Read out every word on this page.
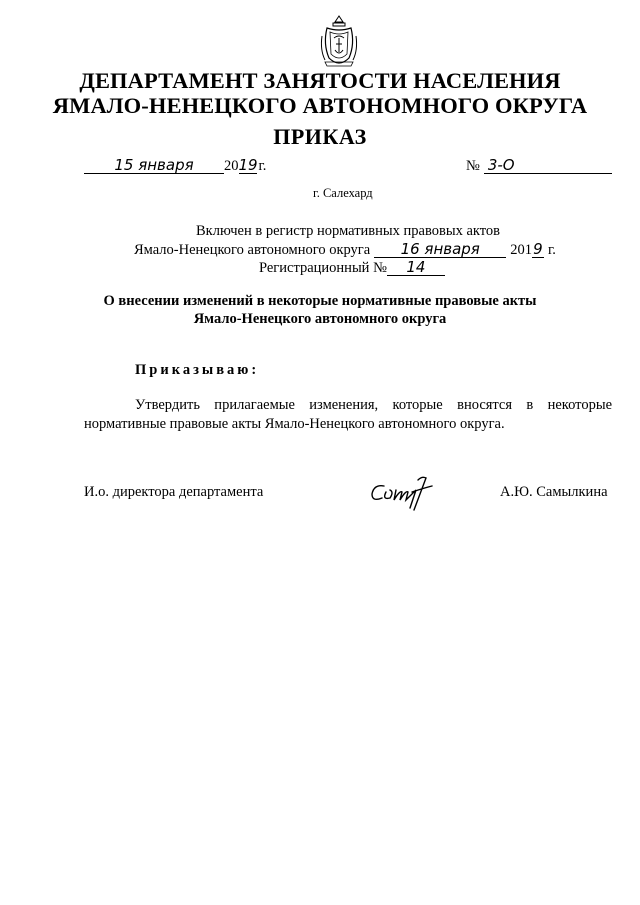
ДЕПАРТАМЕНТ ЗАНЯТОСТИ НАСЕЛЕНИЯ
ЯМАЛО-НЕНЕЦКОГО АВТОНОМНОГО ОКРУГА
ПРИКАЗ
15 января 2019г.	№ 3-О
г. Салехард
Включен в регистр нормативных правовых актов
Ямало-Ненецкого автономного округа 16 января 2019 г.
Регистрационный № 14
О внесении изменений в некоторые нормативные правовые акты
Ямало-Ненецкого автономного округа
Приказываю:
Утвердить прилагаемые изменения, которые вносятся в некоторые нормативные правовые акты Ямало-Ненецкого автономного округа.
И.о. директора департамента	А.Ю. Самылкина
